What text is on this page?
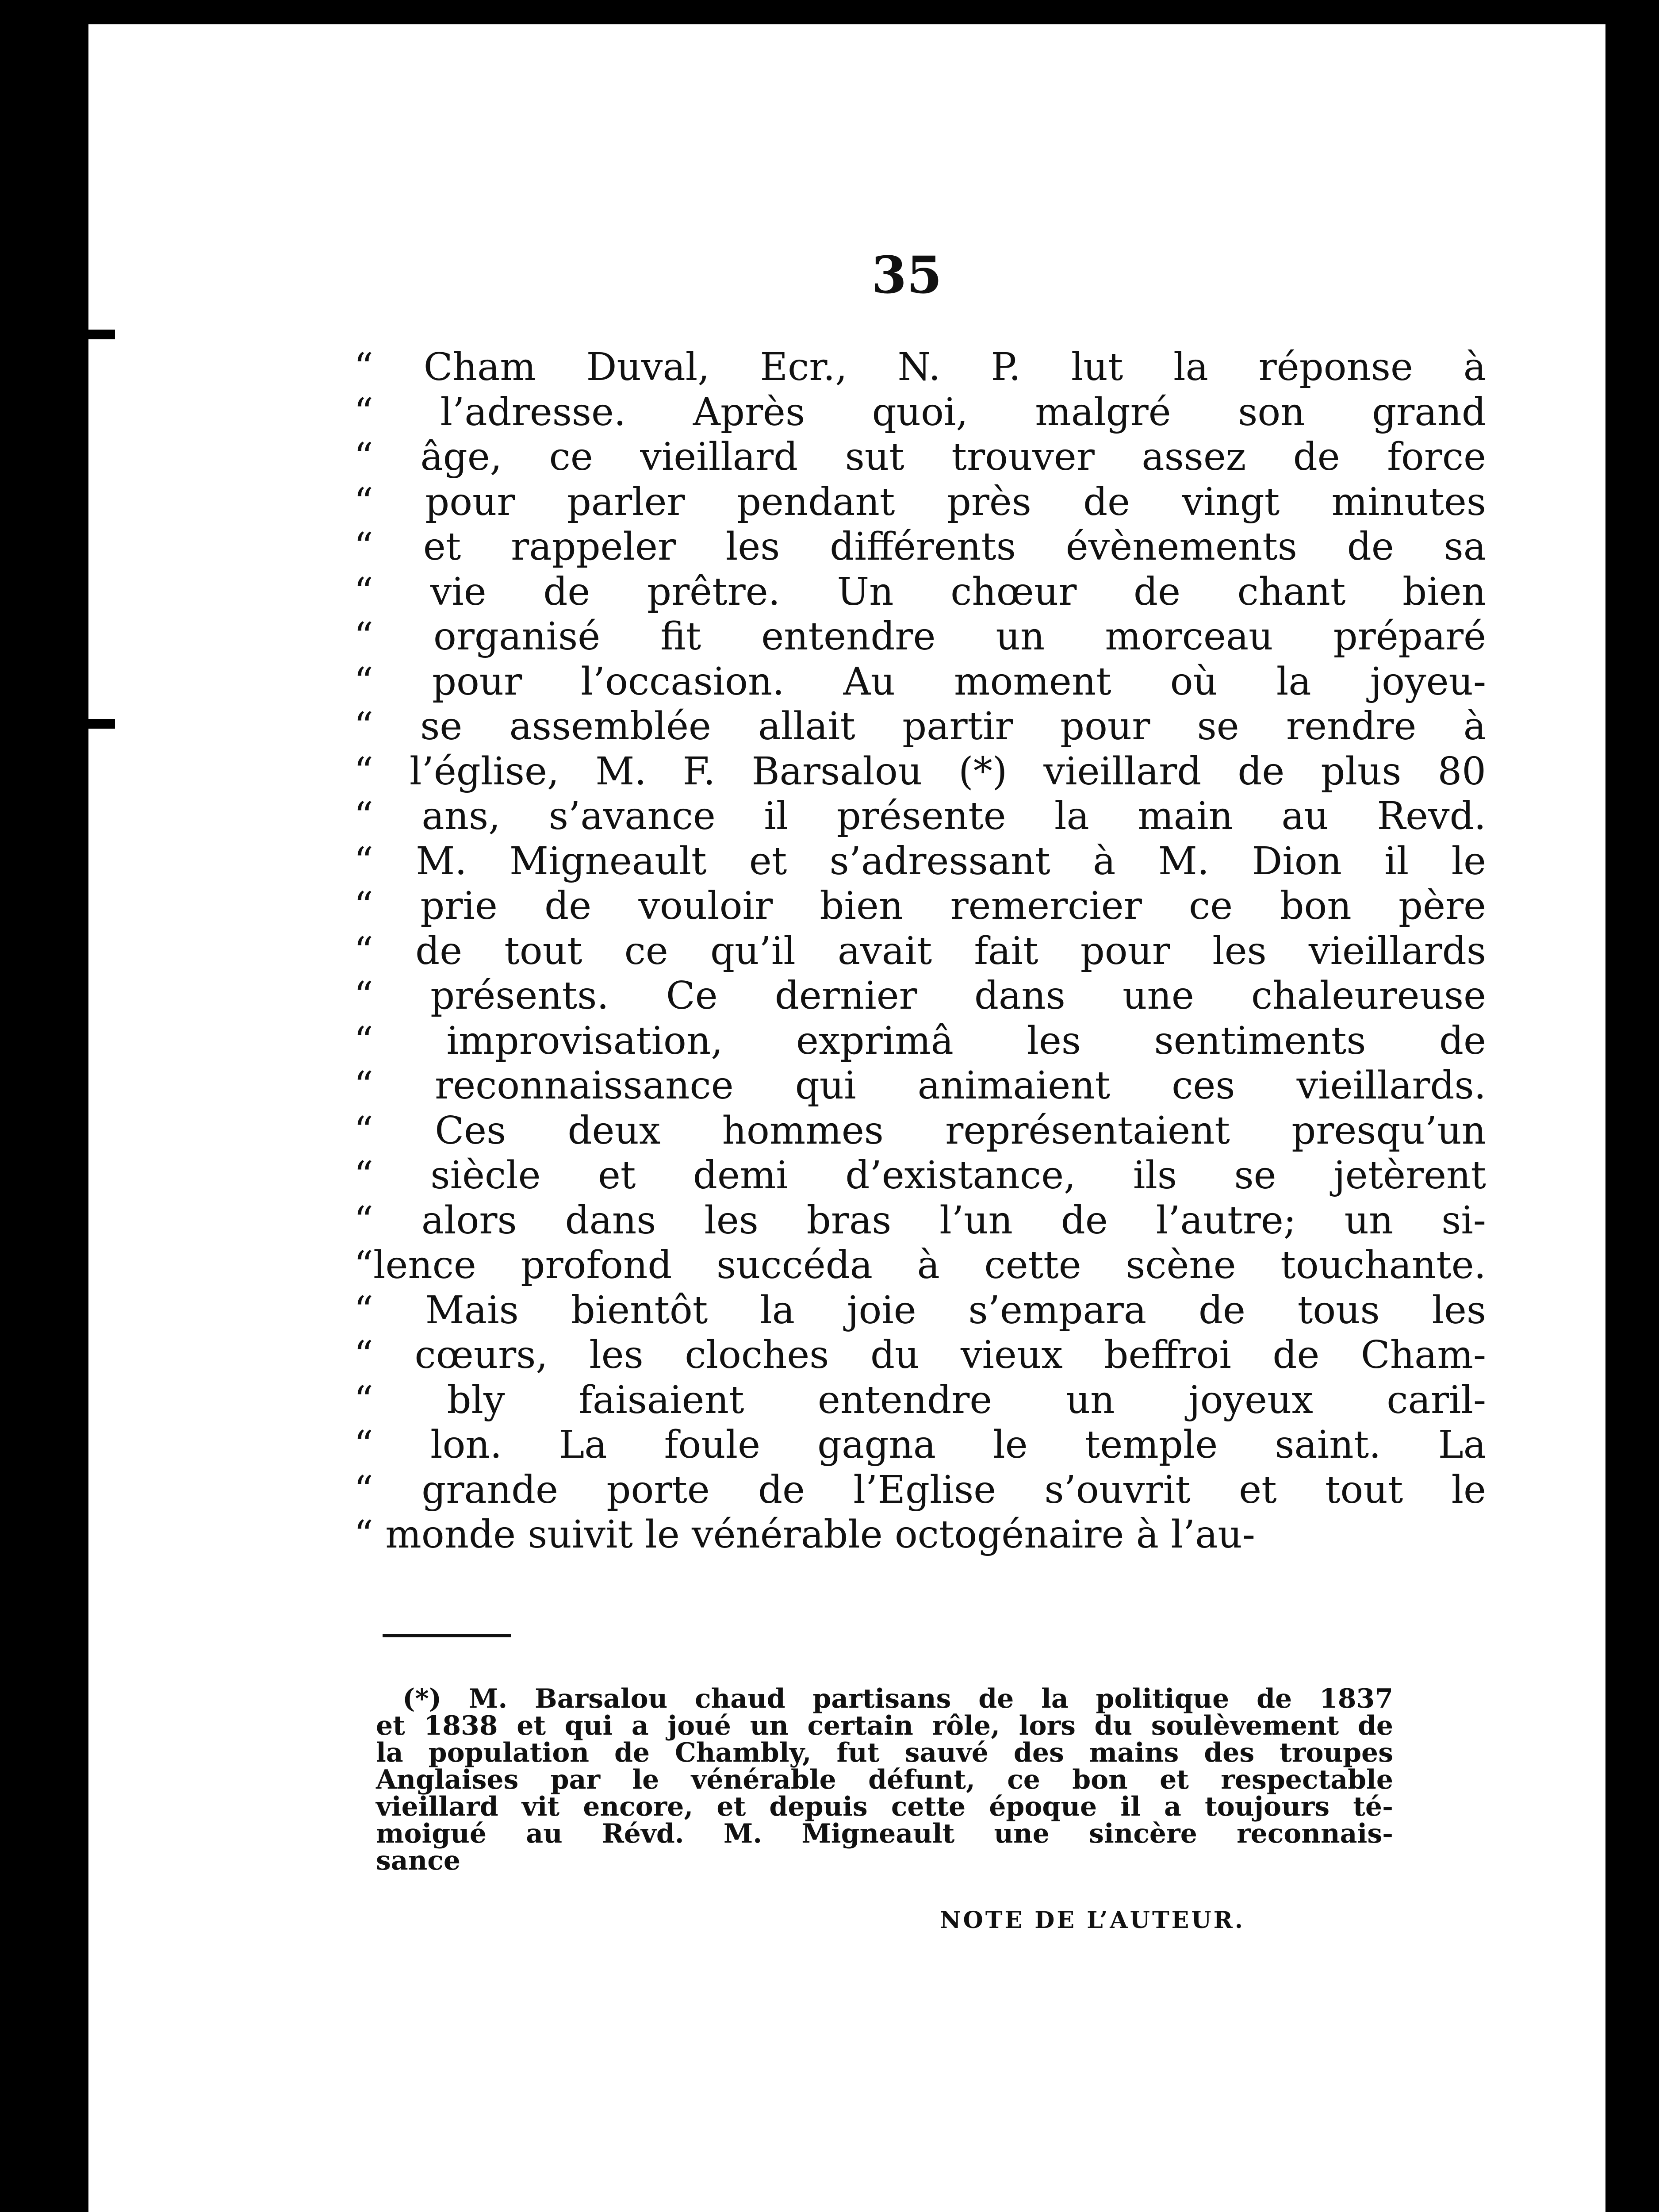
35
“ Cham Duval, Ecr., N. P. lut la réponse à
“ l’adresse. Après quoi, malgré son grand
“ âge, ce vieillard sut trouver assez de force
“ pour parler pendant près de vingt minutes
“ et rappeler les différents évènements de sa
“ vie de prêtre. Un chœur de chant bien
“ organisé fit entendre un morceau préparé
“ pour l’occasion. Au moment où la joyeu-
“ se assemblée allait partir pour se rendre à
“ l’église, M. F. Barsalou (*) vieillard de plus 80
“ ans, s’avance il présente la main au Revd.
“ M. Migneault et s’adressant à M. Dion il le
“ prie de vouloir bien remercier ce bon père
“ de tout ce qu’il avait fait pour les vieillards
“ présents. Ce dernier dans une chaleureuse
“ improvisation, exprimâ les sentiments de
“ reconnaissance qui animaient ces vieillards.
“ Ces deux hommes représentaient presqu’un
“ siècle et demi d’existance, ils se jetèrent
“ alors dans les bras l’un de l’autre; un si-
“lence profond succéda à cette scène touchante.
“ Mais bientôt la joie s’empara de tous les
“ cœurs, les cloches du vieux beffroi de Cham-
“ bly faisaient entendre un joyeux caril-
“ lon. La foule gagna le temple saint. La
“ grande porte de l’Eglise s’ouvrit et tout le
“ monde suivit le vénérable octogénaire à l’au-
(*) M. Barsalou chaud partisans de la politique de 1837
et 1838 et qui a joué un certain rôle, lors du soulèvement de
la population de Chambly, fut sauvé des mains des troupes
Anglaises par le vénérable défunt, ce bon et respectable
vieillard vit encore, et depuis cette époque il a toujours té-
moigué au Révd. M. Migneault une sincère reconnais-
sance
NOTE DE L’AUTEUR.
